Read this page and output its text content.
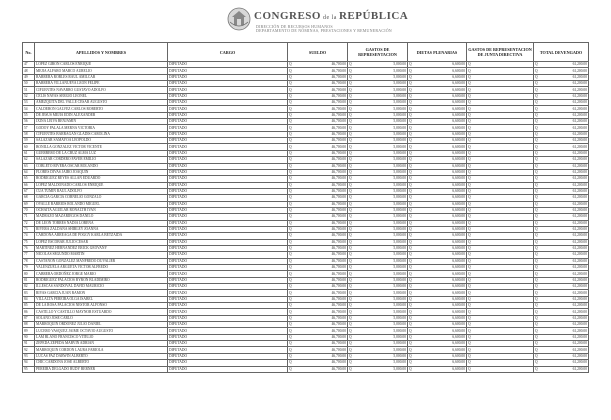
CONGRESO de la REPÚBLICA
DIRECCIÓN DE RECURSOS HUMANOS
DEPARTAMENTO DE NÓMINAS, PRESTACIONES Y REMUNERACIÓN
No.	APELLIDOS Y NOMBRES	CARGO	SUELDO	GASTOS DE REPRESENTACION	DIETAS PLENARIAS	GASTOS DE REPRESENTACION DE JUNTA DIRECTIVA	TOTAL DEVENGADO
47	LOPEZ GIRON CARLOS ENRIQUE	DIPUTADO	Q 46,700.00	Q 5,000.00	Q 6,600.00	Q	Q 61,200.00
48	MEJIA ALFARO MARCO AURELIO	DIPUTADO	Q 46,700.00	Q 5,000.00	Q 6,600.00	Q	Q 61,200.00
49	BARRERA ROBLES RAUL AMILCAR	DIPUTADO	Q 46,700.00	Q 5,000.00	Q 6,600.00	Q	Q 61,200.00
50	BARRERA VILLANUEVA LEON FELIPE	DIPUTADO	Q 46,700.00	Q 5,000.00	Q 6,600.00	Q	Q 61,200.00
51	CIFUENTES NAVARRO GUSTAVO ADOLFO	DIPUTADO	Q 46,700.00	Q 5,000.00	Q 6,600.00	Q	Q 61,200.00
52	CELIS NAVAS SERGIO LEONEL	DIPUTADO	Q 46,700.00	Q 5,000.00	Q 6,600.00	Q	Q 61,200.00
53	AMEZQUITA DEL VALLE CESAR AUGUSTO	DIPUTADO	Q 46,700.00	Q 5,000.00	Q 6,600.00	Q	Q 61,200.00
54	CALDERON GALVEZ CARLOS ROBERTO	DIPUTADO	Q 46,700.00	Q 5,000.00	Q 6,600.00	Q	Q 61,200.00
55	DE JESUS MEJIA EDIN ALEXANDER	DIPUTADO	Q 46,700.00	Q 5,000.00	Q 6,600.00	Q	Q 61,200.00
56	IXIÑA LEIVA BENJAMIN	DIPUTADO	Q 46,700.00	Q 5,000.00	Q 6,600.00	Q	Q 61,200.00
57	GODOY PALALA MERNA VICTORIA	DIPUTADO	Q 46,700.00	Q 5,000.00	Q 6,600.00	Q	Q 61,200.00
58	CIFUENTES BARRAGAN GLADIS CAROLINA	DIPUTADO	Q 46,700.00	Q 5,000.00	Q 6,600.00	Q	Q 61,200.00
59	SALAZAR SAMAYOA LEOPOLDO	DIPUTADO	Q 46,700.00	Q 5,000.00	Q 6,600.00	Q	Q 61,200.00
60	BONILLA GONZALEZ VICTOR VICENTE	DIPUTADO	Q 46,700.00	Q 5,000.00	Q 6,600.00	Q	Q 61,200.00
61	GUERRERO DE LA CRUZ ALMA LUZ	DIPUTADO	Q 46,700.00	Q 5,000.00	Q 6,600.00	Q	Q 61,200.00
62	SALAZAR CORDERO FAVER EMILIO	DIPUTADO	Q 46,700.00	Q 5,000.00	Q 6,600.00	Q	Q 61,200.00
63	COBLETO RIVERA OSCAR ROLANDO	DIPUTADO	Q 46,700.00	Q 5,000.00	Q 6,600.00	Q	Q 61,200.00
64	FLORES DIVAS JAIRO JOAQUIN	DIPUTADO	Q 46,700.00	Q 5,000.00	Q 6,600.00	Q	Q 61,200.00
65	RODRIGUEZ REYES ALLAN EDUARDO	DIPUTADO	Q 46,700.00	Q 5,000.00	Q 6,600.00	Q	Q 61,200.00
66	LOPEZ MALDONADO CARLOS ENRIQUE	DIPUTADO	Q 46,700.00	Q 5,000.00	Q 6,600.00	Q	Q 61,200.00
67	CUA TUMIN RAUL ADOLFO	DIPUTADO	Q 46,700.00	Q 5,000.00	Q 6,600.00	Q	Q 61,200.00
68	GARCIA GARCIA CORNELIO GONZALO	DIPUTADO	Q 46,700.00	Q 5,000.00	Q 6,600.00	Q	Q 61,200.00
69	OVALLE BARRIOS ROLANDO MIGUEL	DIPUTADO	Q 46,700.00	Q 5,000.00	Q 6,600.00	Q	Q 61,200.00
70	OCHAITA AGUILAR RONALTH IVAN	DIPUTADO	Q 46,700.00	Q 5,000.00	Q 6,600.00	Q	Q 61,200.00
71	MADRAZO MAZARIEGOS DANILO	DIPUTADO	Q 46,700.00	Q 5,000.00	Q 6,600.00	Q	Q 61,200.00
72	DE LEON TORRES NADIA LORENA	DIPUTADO	Q 46,700.00	Q 5,000.00	Q 6,600.00	Q	Q 61,200.00
73	RIVERA ZALDAÑA SHIRLEY JOANNA	DIPUTADO	Q 46,700.00	Q 5,000.00	Q 6,600.00	Q	Q 61,200.00
74	CARDONA ARREAGA DE POGGY KARLA BETZAIDA	DIPUTADO	Q 46,700.00	Q 5,000.00	Q 6,600.00	Q	Q 61,200.00
75	LOPEZ ESCOBAR JULIO CESAR	DIPUTADO	Q 46,700.00	Q 5,000.00	Q 6,600.00	Q	Q 61,200.00
76	MARTINEZ HERNANDEZ ERICK GEOVANY	DIPUTADO	Q 46,700.00	Q 5,000.00	Q 6,600.00	Q	Q 61,200.00
77	NICOLAS SEGUNDO MARTIN	DIPUTADO	Q 46,700.00	Q 5,000.00	Q 6,600.00	Q	Q 61,200.00
78	CASTAÑON GONZALEZ MANFREDO DUVALIER	DIPUTADO	Q 46,700.00	Q 5,000.00	Q 6,600.00	Q	Q 61,200.00
79	VALENZUELA ARGUETA VICTOR ALFREDO	DIPUTADO	Q 46,700.00	Q 5,000.00	Q 6,600.00	Q	Q 61,200.00
80	CABRERA ORDOÑEZ JORGE MARIO	DIPUTADO	Q 46,700.00	Q 5,000.00	Q 6,600.00	Q	Q 61,200.00
81	RODRIGUEZ PALACIOS BYRON BLADIMIRO	DIPUTADO	Q 46,700.00	Q 5,000.00	Q 6,600.00	Q	Q 61,200.00
82	ILLESCAS SANDOVAL DAVID MAURICIO	DIPUTADO	Q 46,700.00	Q 5,000.00	Q 6,600.00	Q	Q 61,200.00
83	RIVAS GARCIA JUAN RAMON	DIPUTADO	Q 46,700.00	Q 5,000.00	Q 6,600.00	Q	Q 61,200.00
84	VILLALTA PEREIRA OLGA ISABEL	DIPUTADO	Q 46,700.00	Q 5,000.00	Q 6,600.00	Q	Q 61,200.00
85	DE LA ROSA PALACIOS NESTOR ALFONSO	DIPUTADO	Q 46,700.00	Q 5,000.00	Q 6,600.00	Q	Q 61,200.00
86	CASTILLO Y CASTILLO MAYNOR ESTUARDO	DIPUTADO	Q 46,700.00	Q 5,000.00	Q 6,600.00	Q	Q 61,200.00
87	SOLANO JOSE CARLO	DIPUTADO	Q 46,700.00	Q 5,000.00	Q 6,600.00	Q	Q 61,200.00
88	MARROQUIN ORDOÑEZ JULIO DANIEL	DIPUTADO	Q 46,700.00	Q 5,000.00	Q 6,600.00	Q	Q 61,200.00
89	LUCERO VASQUEZ JAIME OCTAVIO AUGUSTO	DIPUTADO	Q 46,700.00	Q 5,000.00	Q 6,600.00	Q	Q 61,200.00
90	LAM BLANO FRANCISCO VITELIO	DIPUTADO	Q 46,700.00	Q 5,000.00	Q 6,600.00	Q	Q 61,200.00
91	ZEPEDA ZEPEDA MARVIN ADRIAN	DIPUTADO	Q 46,700.00	Q 5,000.00	Q 6,600.00	Q	Q 61,200.00
92	MARROQUIN CORDON LAURA FABIOLA	DIPUTADO	Q 46,700.00	Q 5,000.00	Q 6,600.00	Q	Q 61,200.00
93	LUCAS PAZ DARWIN ALBERTO	DIPUTADO	Q 46,700.00	Q 5,000.00	Q 6,600.00	Q	Q 61,200.00
94	CHIC CARDONA JOSE ALBERTO	DIPUTADO	Q 46,700.00	Q 5,000.00	Q 6,600.00	Q	Q 61,200.00
95	PEREIRA DELGADO RUDY BERNER	DIPUTADO	Q 46,700.00	Q 5,000.00	Q 6,600.00	Q	Q 61,200.00
